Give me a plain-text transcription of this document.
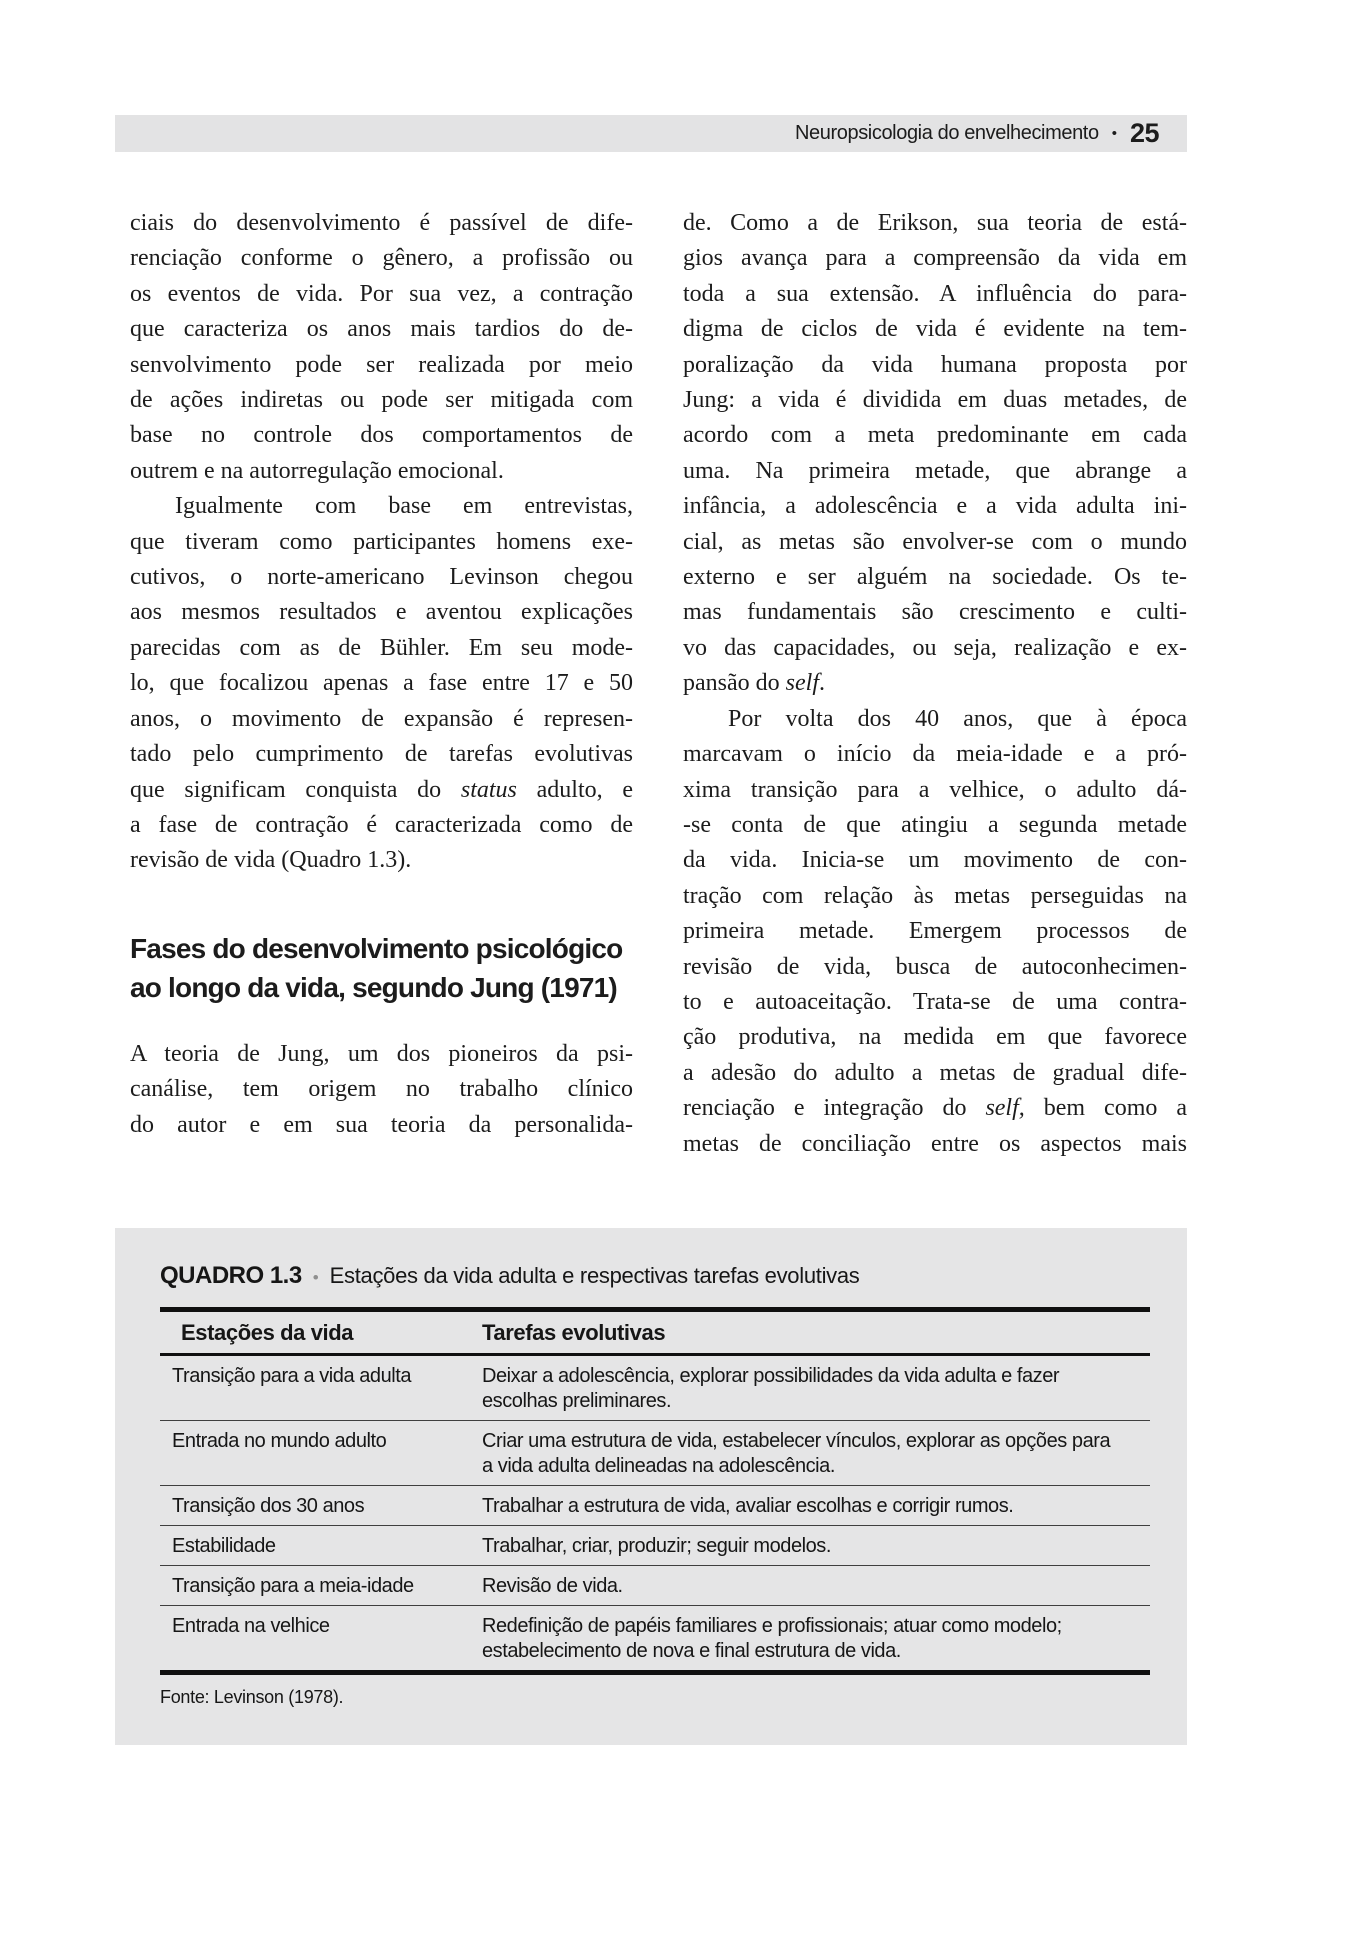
Neuropsicologia do envelhecimento • 25
ciais do desenvolvimento é passível de dife-
renciação conforme o gênero, a profissão ou
os eventos de vida. Por sua vez, a contração
que caracteriza os anos mais tardios do de-
senvolvimento pode ser realizada por meio
de ações indiretas ou pode ser mitigada com
base no controle dos comportamentos de
outrem e na autorregulação emocional.
Igualmente com base em entrevistas,
que tiveram como participantes homens exe-
cutivos, o norte-americano Levinson chegou
aos mesmos resultados e aventou explicações
parecidas com as de Bühler. Em seu mode-
lo, que focalizou apenas a fase entre 17 e 50
anos, o movimento de expansão é represen-
tado pelo cumprimento de tarefas evolutivas
que significam conquista do status adulto, e
a fase de contração é caracterizada como de
revisão de vida (Quadro 1.3).
Fases do desenvolvimento psicológico
ao longo da vida, segundo Jung (1971)
A teoria de Jung, um dos pioneiros da psi-
canálise, tem origem no trabalho clínico
do autor e em sua teoria da personalida-
de. Como a de Erikson, sua teoria de está-
gios avança para a compreensão da vida em
toda a sua extensão. A influência do para-
digma de ciclos de vida é evidente na tem-
poralização da vida humana proposta por
Jung: a vida é dividida em duas metades, de
acordo com a meta predominante em cada
uma. Na primeira metade, que abrange a
infância, a adolescência e a vida adulta ini-
cial, as metas são envolver-se com o mundo
externo e ser alguém na sociedade. Os te-
mas fundamentais são crescimento e culti-
vo das capacidades, ou seja, realização e ex-
pansão do self.
Por volta dos 40 anos, que à época
marcavam o início da meia-idade e a pró-
xima transição para a velhice, o adulto dá-
-se conta de que atingiu a segunda metade
da vida. Inicia-se um movimento de con-
tração com relação às metas perseguidas na
primeira metade. Emergem processos de
revisão de vida, busca de autoconhecimen-
to e autoaceitação. Trata-se de uma contra-
ção produtiva, na medida em que favorece
a adesão do adulto a metas de gradual dife-
renciação e integração do self, bem como a
metas de conciliação entre os aspectos mais
QUADRO 1.3 • Estações da vida adulta e respectivas tarefas evolutivas
Estações da vida	Tarefas evolutivas
Transição para a vida adulta	Deixar a adolescência, explorar possibilidades da vida adulta e fazer
escolhas preliminares.
Entrada no mundo adulto	Criar uma estrutura de vida, estabelecer vínculos, explorar as opções para
a vida adulta delineadas na adolescência.
Transição dos 30 anos	Trabalhar a estrutura de vida, avaliar escolhas e corrigir rumos.
Estabilidade	Trabalhar, criar, produzir; seguir modelos.
Transição para a meia-idade	Revisão de vida.
Entrada na velhice	Redefinição de papéis familiares e profissionais; atuar como modelo;
estabelecimento de nova e final estrutura de vida.
Fonte: Levinson (1978).
